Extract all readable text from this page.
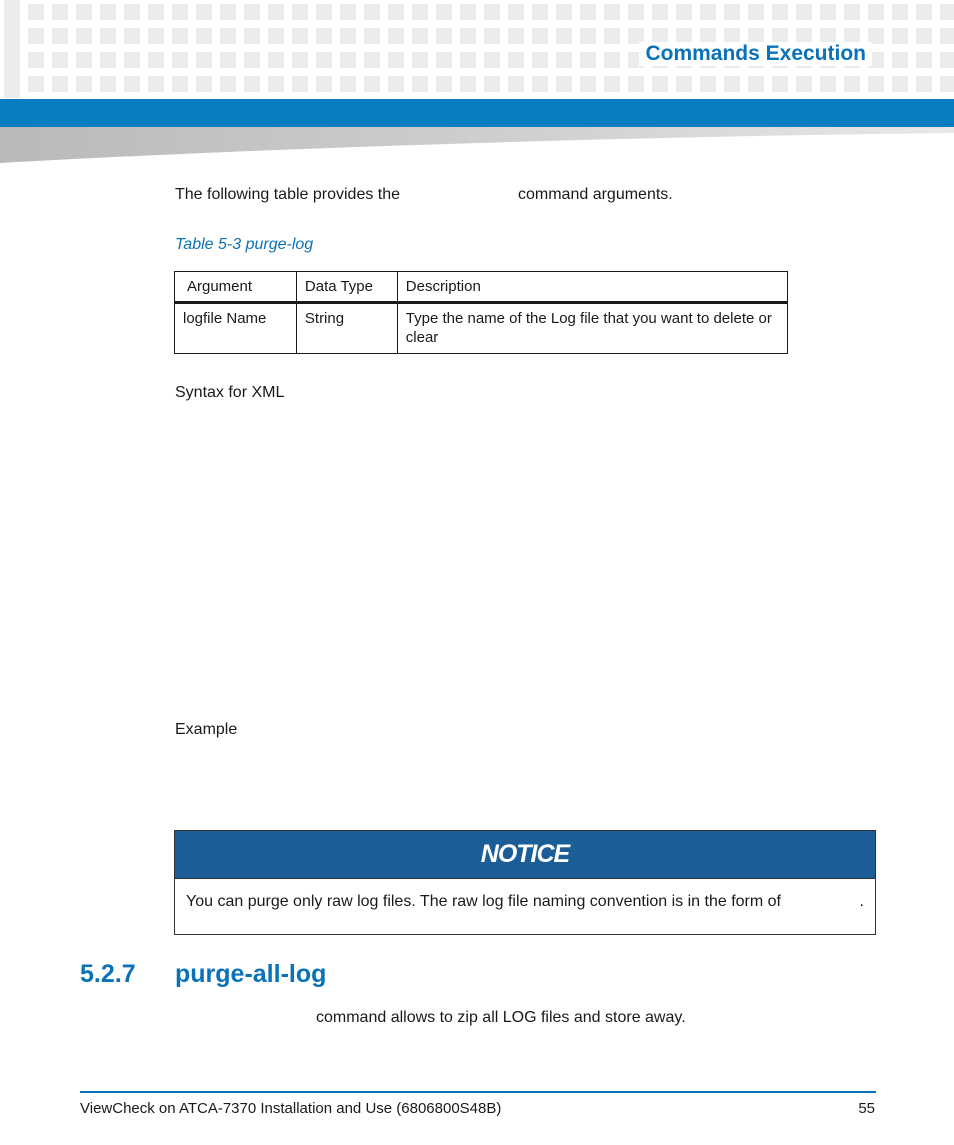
Commands Execution
The following table provides the	command arguments.
Table 5-3 purge-log
Argument	Data Type	Description
logfile Name	String	Type the name of the Log file that you want to delete or clear
Syntax for XML
Example
NOTICE
You can purge only raw log files. The raw log file naming convention is in the form of	.
5.2.7 purge-all-log
command allows to zip all LOG files and store away.
ViewCheck on ATCA-7370 Installation and Use (6806800S48B)	55
